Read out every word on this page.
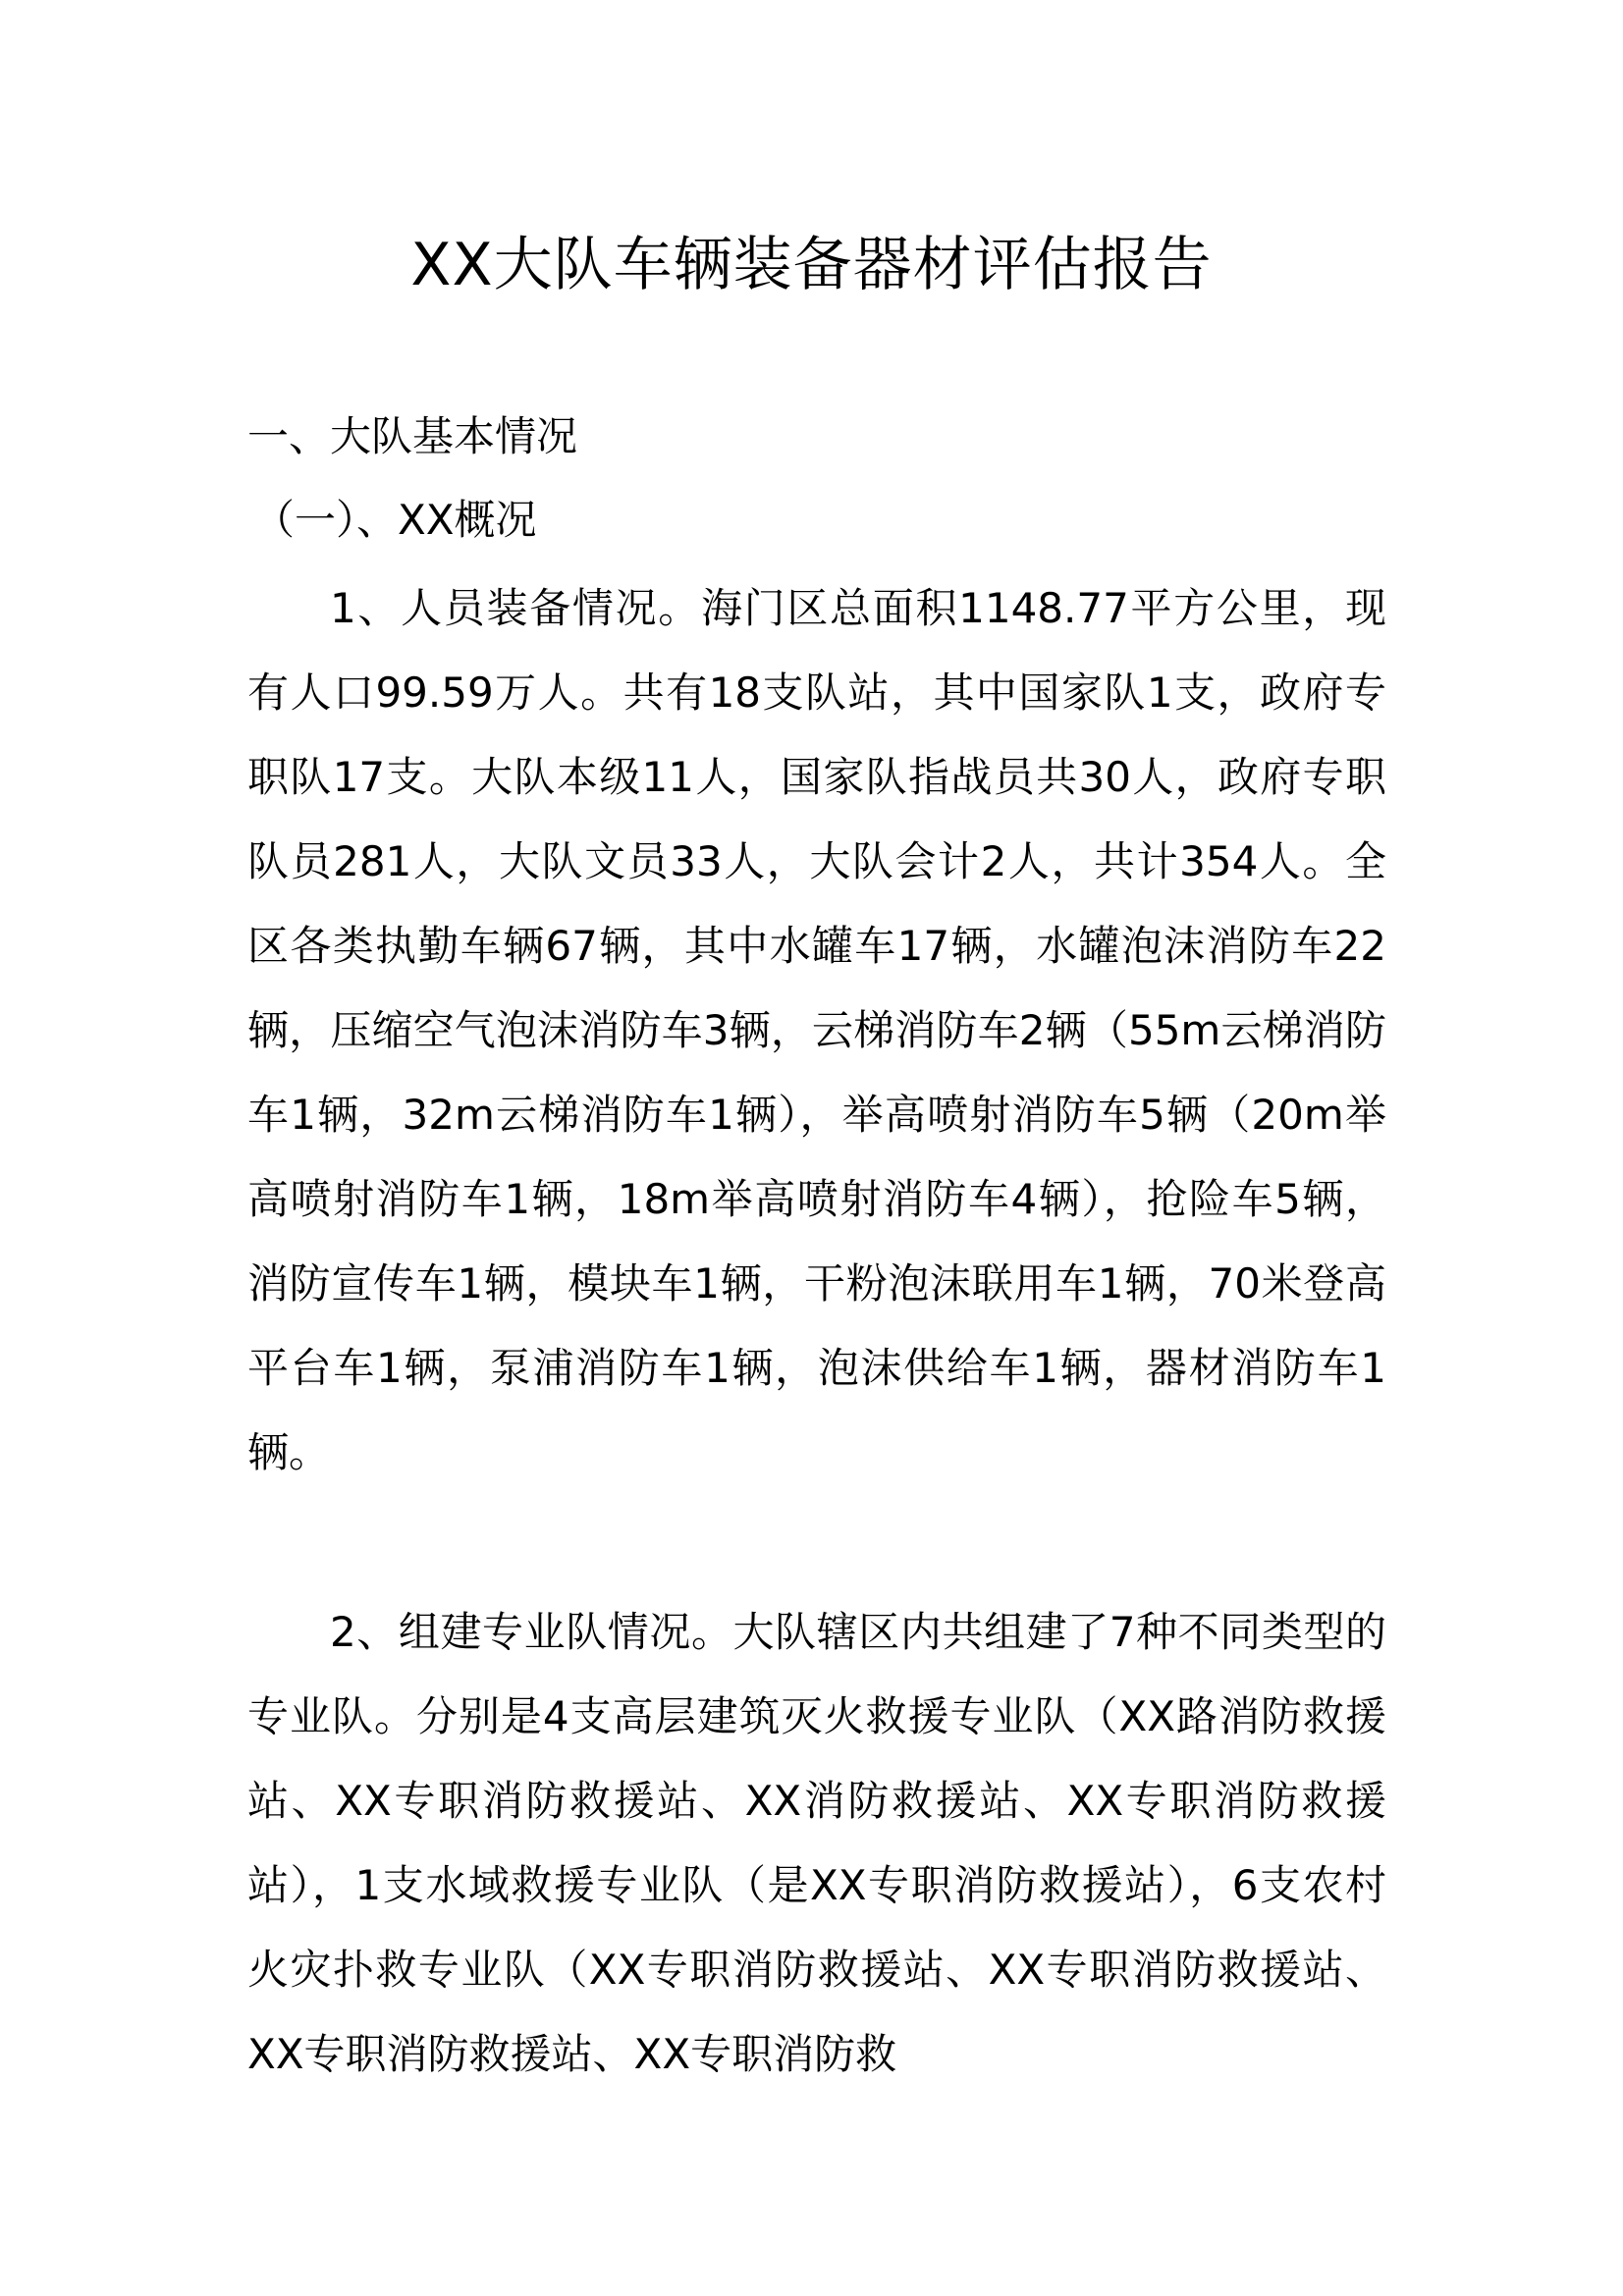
XX大队车辆装备器材评估报告
一、大队基本情况
（一）、XX概况
1、人员装备情况。海门区总面积1148.77平方公里，现有人口99.59万人。共有18支队站，其中国家队1支，政府专职队17支。大队本级11人，国家队指战员共30人，政府专职队员281人，大队文员33人，大队会计2人，共计354人。全区各类执勤车辆67辆，其中水罐车17辆，水罐泡沫消防车22辆，压缩空气泡沫消防车3辆，云梯消防车2辆（55m云梯消防车1辆，32m云梯消防车1辆），举高喷射消防车5辆（20m举高喷射消防车1辆，18m举高喷射消防车4辆），抢险车5辆，消防宣传车1辆，模块车1辆，干粉泡沫联用车1辆，70米登高平台车1辆，泵浦消防车1辆，泡沫供给车1辆，器材消防车1辆。
2、组建专业队情况。大队辖区内共组建了7种不同类型的专业队。分别是4支高层建筑灭火救援专业队（XX路消防救援站、XX专职消防救援站、XX消防救援站、XX专职消防救援站），1支水域救援专业队（是XX专职消防救援站），6支农村火灾扑救专业队（XX专职消防救援站、XX专职消防救援站、XX专职消防救援站、XX专职消防救
